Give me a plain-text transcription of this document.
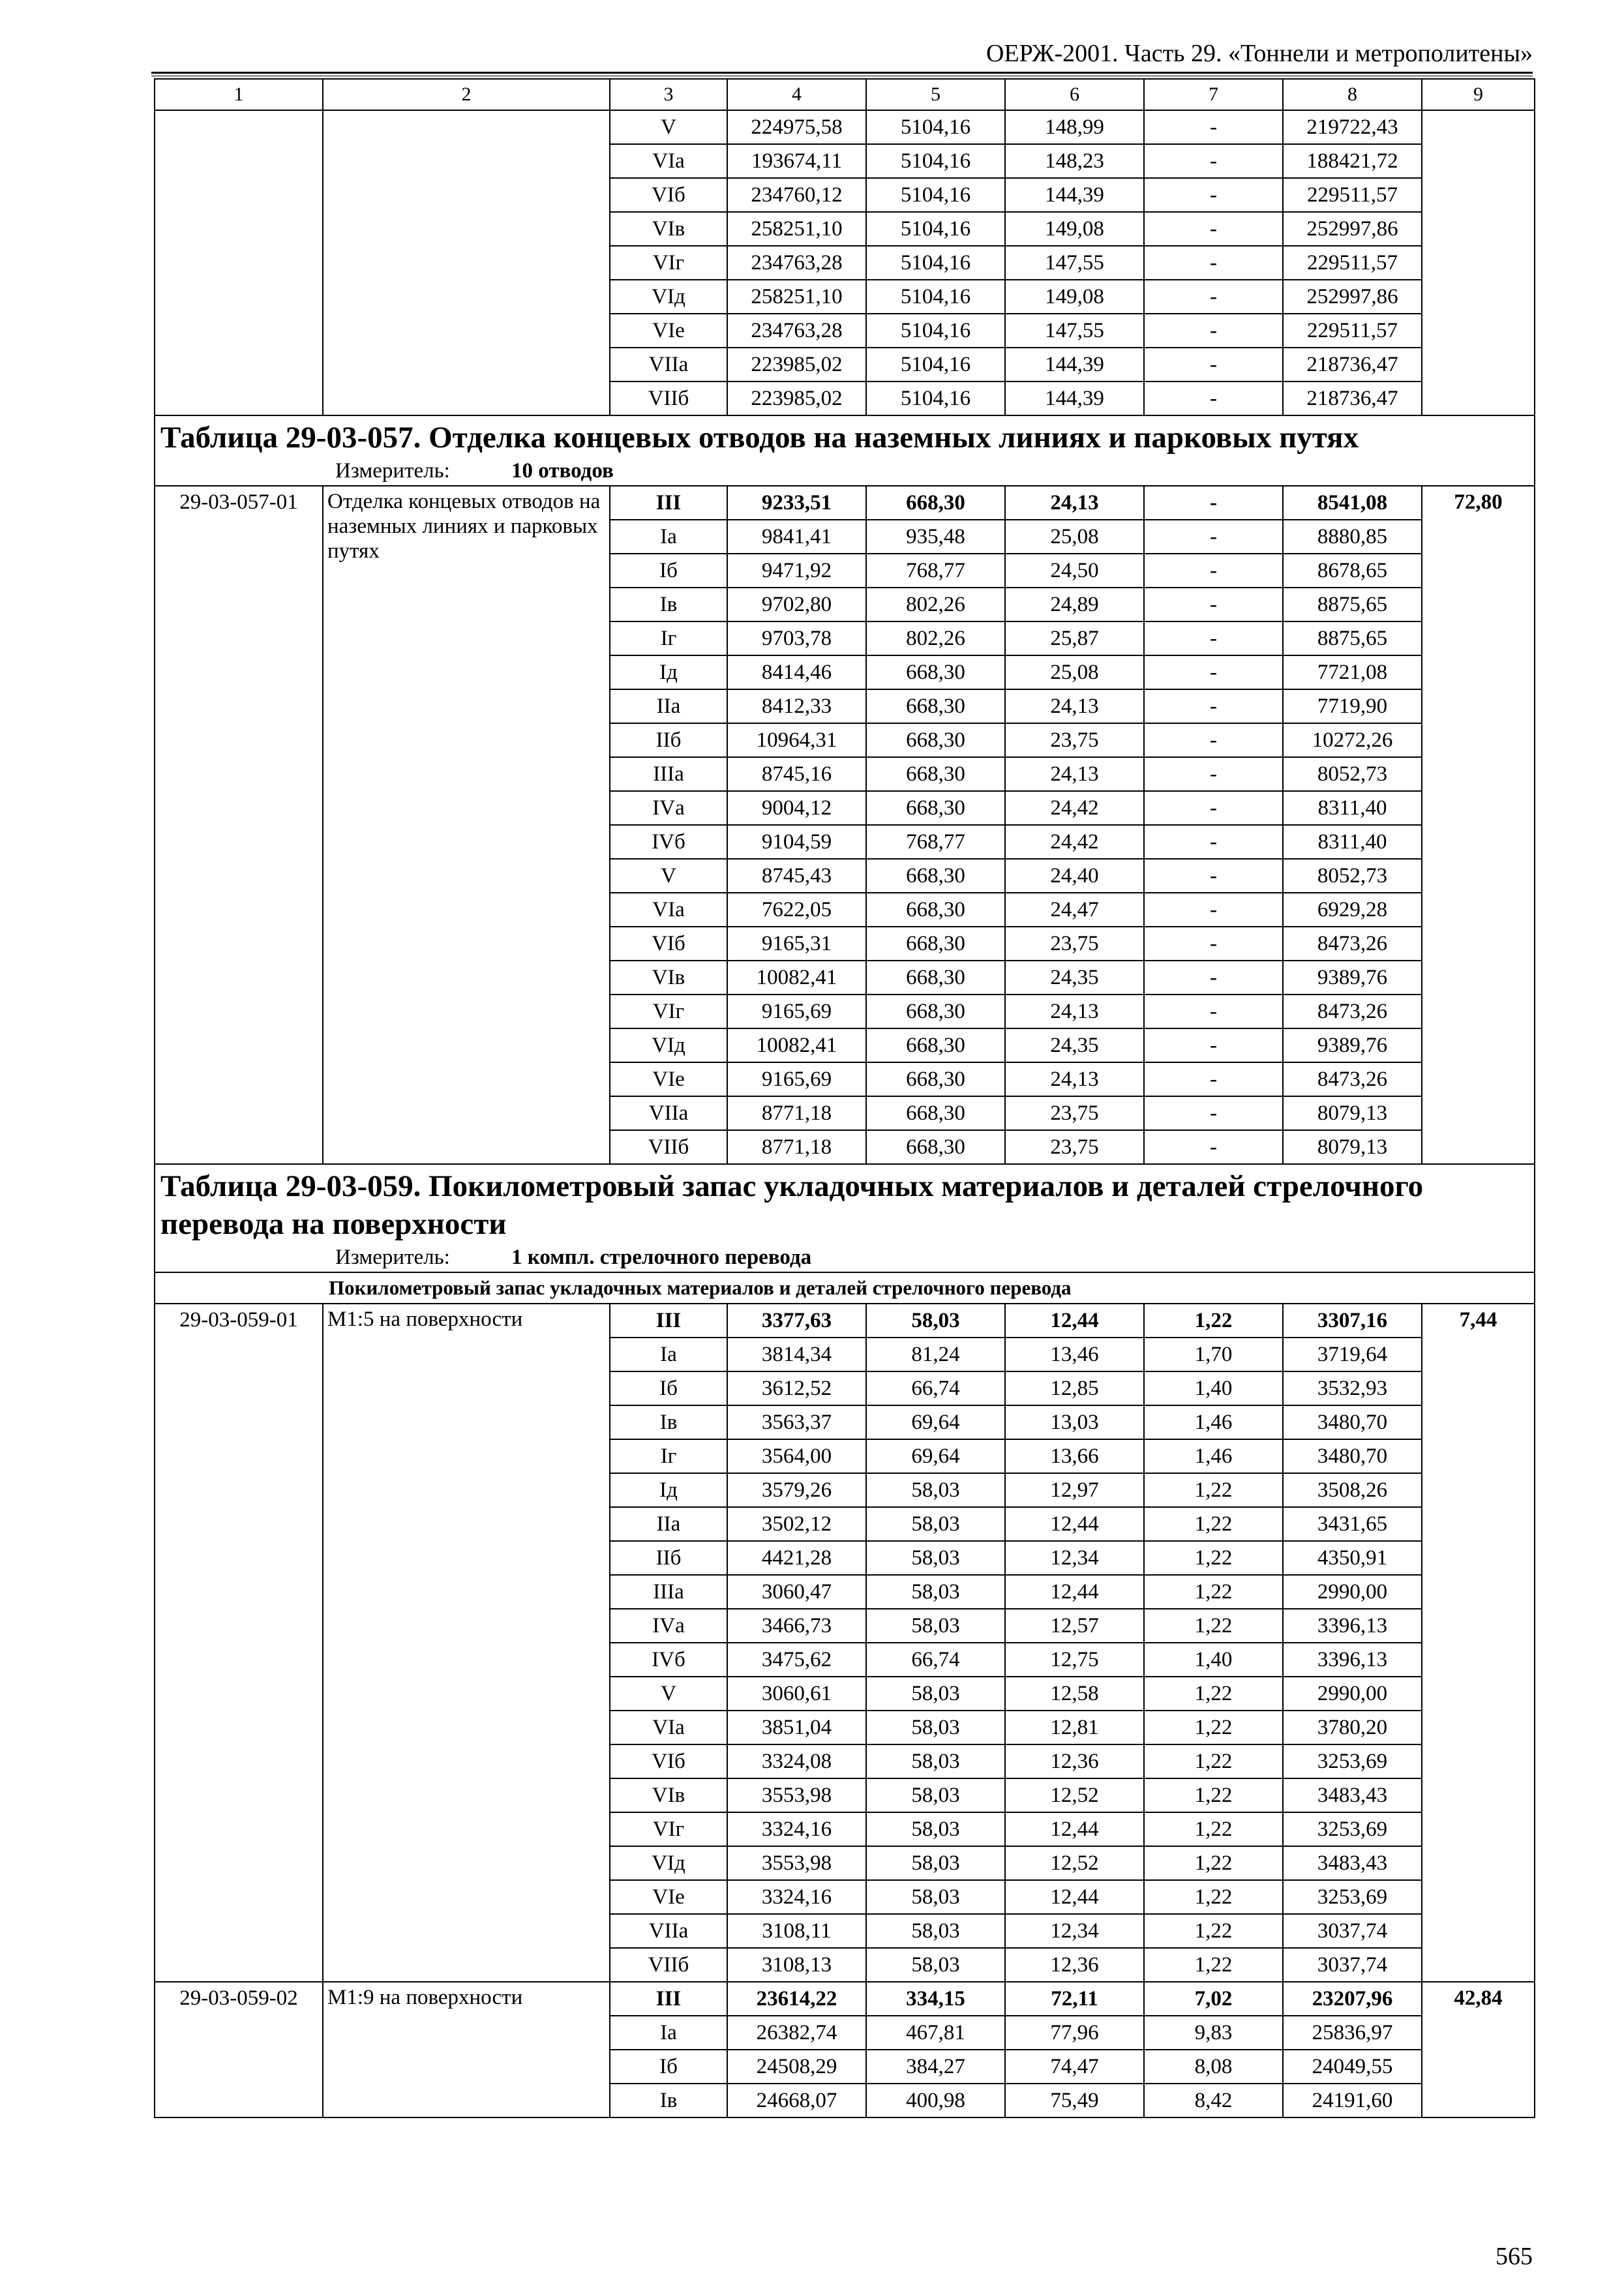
ОЕРЖ-2001. Часть 29. «Тоннели и метрополитены»
1	2	3	4	5	6	7	8	9
		V	224975,58	5104,16	148,99	-	219722,43	
		VIа	193674,11	5104,16	148,23	-	188421,72	
		VIб	234760,12	5104,16	144,39	-	229511,57	
		VIв	258251,10	5104,16	149,08	-	252997,86	
		VIг	234763,28	5104,16	147,55	-	229511,57	
		VIд	258251,10	5104,16	149,08	-	252997,86	
		VIе	234763,28	5104,16	147,55	-	229511,57	
		VIIа	223985,02	5104,16	144,39	-	218736,47	
		VIIб	223985,02	5104,16	144,39	-	218736,47	
Таблица 29-03-057. Отделка концевых отводов на наземных линиях и парковых путях								
Измеритель: 10 отводов								
29-03-057-01	Отделка концевых отводов на наземных линиях и парковых путях	III	9233,51	668,30	24,13	-	8541,08	72,80
		Iа	9841,41	935,48	25,08	-	8880,85	
		Iб	9471,92	768,77	24,50	-	8678,65	
		Iв	9702,80	802,26	24,89	-	8875,65	
		Iг	9703,78	802,26	25,87	-	8875,65	
		Iд	8414,46	668,30	25,08	-	7721,08	
		IIа	8412,33	668,30	24,13	-	7719,90	
		IIб	10964,31	668,30	23,75	-	10272,26	
		IIIа	8745,16	668,30	24,13	-	8052,73	
		IVа	9004,12	668,30	24,42	-	8311,40	
		IVб	9104,59	768,77	24,42	-	8311,40	
		V	8745,43	668,30	24,40	-	8052,73	
		VIа	7622,05	668,30	24,47	-	6929,28	
		VIб	9165,31	668,30	23,75	-	8473,26	
		VIв	10082,41	668,30	24,35	-	9389,76	
		VIг	9165,69	668,30	24,13	-	8473,26	
		VIд	10082,41	668,30	24,35	-	9389,76	
		VIе	9165,69	668,30	24,13	-	8473,26	
		VIIа	8771,18	668,30	23,75	-	8079,13	
		VIIб	8771,18	668,30	23,75	-	8079,13	
Таблица 29-03-059. Покилометровый запас укладочных материалов и деталей стрелочного перевода на поверхности								
Измеритель: 1 компл. стрелочного перевода								
Покилометровый запас укладочных материалов и деталей стрелочного перевода								
29-03-059-01	М1:5 на поверхности	III	3377,63	58,03	12,44	1,22	3307,16	7,44
		Iа	3814,34	81,24	13,46	1,70	3719,64	
		Iб	3612,52	66,74	12,85	1,40	3532,93	
		Iв	3563,37	69,64	13,03	1,46	3480,70	
		Iг	3564,00	69,64	13,66	1,46	3480,70	
		Iд	3579,26	58,03	12,97	1,22	3508,26	
		IIа	3502,12	58,03	12,44	1,22	3431,65	
		IIб	4421,28	58,03	12,34	1,22	4350,91	
		IIIа	3060,47	58,03	12,44	1,22	2990,00	
		IVа	3466,73	58,03	12,57	1,22	3396,13	
		IVб	3475,62	66,74	12,75	1,40	3396,13	
		V	3060,61	58,03	12,58	1,22	2990,00	
		VIа	3851,04	58,03	12,81	1,22	3780,20	
		VIб	3324,08	58,03	12,36	1,22	3253,69	
		VIв	3553,98	58,03	12,52	1,22	3483,43	
		VIг	3324,16	58,03	12,44	1,22	3253,69	
		VIд	3553,98	58,03	12,52	1,22	3483,43	
		VIе	3324,16	58,03	12,44	1,22	3253,69	
		VIIа	3108,11	58,03	12,34	1,22	3037,74	
		VIIб	3108,13	58,03	12,36	1,22	3037,74	
29-03-059-02	М1:9 на поверхности	III	23614,22	334,15	72,11	7,02	23207,96	42,84
		Iа	26382,74	467,81	77,96	9,83	25836,97	
		Iб	24508,29	384,27	74,47	8,08	24049,55	
		Iв	24668,07	400,98	75,49	8,42	24191,60	
565
